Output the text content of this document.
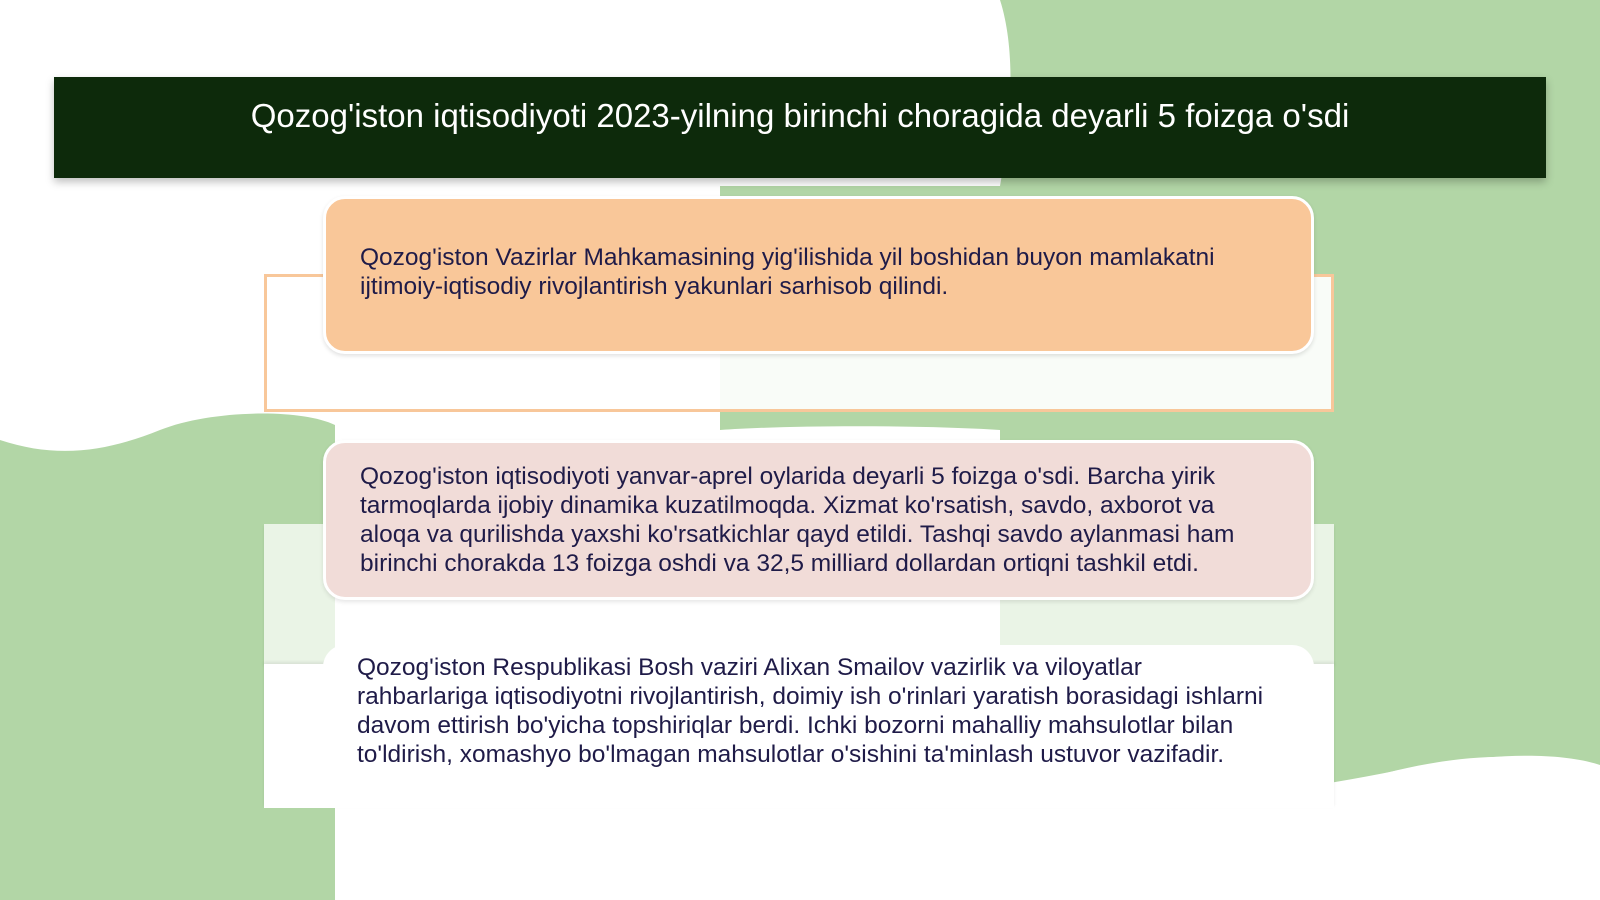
Qozog'iston iqtisodiyoti 2023-yilning birinchi choragida deyarli 5 foizga o'sdi

Qozog'iston Vazirlar Mahkamasining yig'ilishida yil boshidan buyon mamlakatni ijtimoiy-iqtisodiy rivojlantirish yakunlari sarhisob qilindi.

Qozog'iston iqtisodiyoti yanvar-aprel oylarida deyarli 5 foizga o'sdi. Barcha yirik tarmoqlarda ijobiy dinamika kuzatilmoqda. Xizmat ko'rsatish, savdo, axborot va aloqa va qurilishda yaxshi ko'rsatkichlar qayd etildi. Tashqi savdo aylanmasi ham birinchi chorakda 13 foizga oshdi va 32,5 milliard dollardan ortiqni tashkil etdi.

Qozog'iston Respublikasi Bosh vaziri Alixan Smailov vazirlik va viloyatlar rahbarlariga iqtisodiyotni rivojlantirish, doimiy ish o'rinlari yaratish borasidagi ishlarni davom ettirish bo'yicha topshiriqlar berdi. Ichki bozorni mahalliy mahsulotlar bilan to'ldirish, xomashyo bo'lmagan mahsulotlar o'sishini ta'minlash ustuvor vazifadir.
